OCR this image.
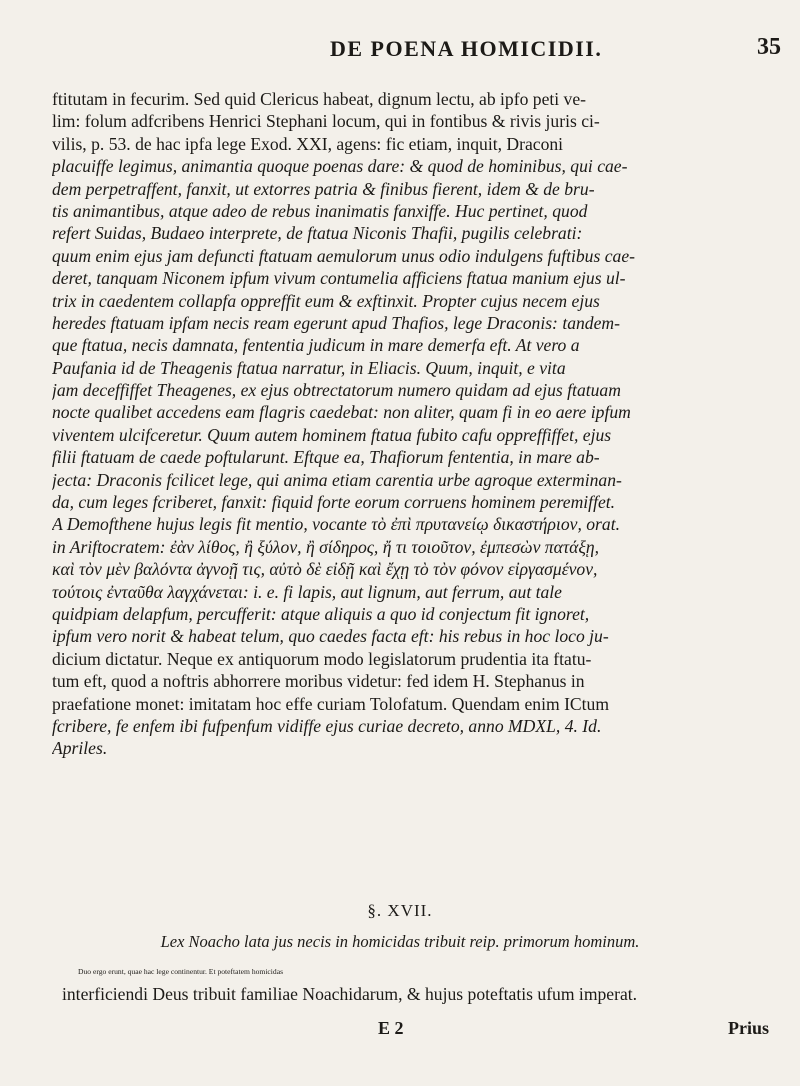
DE POENA HOMICIDII.	35
ftitutam in fecurim. Sed quid Clericus habeat, dignum lectu, ab ipfo peti ve-
lim: folum adfcribens Henrici Stephani locum, qui in fontibus & rivis juris ci-
vilis, p. 53. de hac ipfa lege Exod. XXI, agens: fic etiam, inquit, Draconi
placuiffe legimus, animantia quoque poenas dare: & quod de hominibus, qui cae-
dem perpetraffent, fanxit, ut extorres patria & finibus fierent, idem & de bru-
tis animantibus, atque adeo de rebus inanimatis fanxiffe. Huc pertinet, quod
refert Suidas, Budaeo interprete, de ftatua Niconis Thafii, pugilis celebrati:
quum enim ejus jam defuncti ftatuam aemulorum unus odio indulgens fuftibus cae-
deret, tanquam Niconem ipfum vivum contumelia afficiens ftatua manium ejus ul-
trix in caedentem collapfa oppreffit eum & exftinxit. Propter cujus necem ejus
heredes ftatuam ipfam necis ream egerunt apud Thafios, lege Draconis: tandem-
que ftatua, necis damnata, fententia judicum in mare demerfa eft. At vero a
Paufania id de Theagenis ftatua narratur, in Eliacis. Quum, inquit, e vita
jam deceffiffet Theagenes, ex ejus obtrectatorum numero quidam ad ejus ftatuam
nocte qualibet accedens eam flagris caedebat: non aliter, quam fi in eo aere ipfum
viventem ulcifceretur. Quum autem hominem ftatua fubito cafu oppreffiffet, ejus
filii ftatuam de caede poftularunt. Eftque ea, Thafiorum fententia, in mare ab-
jecta: Draconis fcilicet lege, qui anima etiam carentia urbe agroque exterminan-
da, cum leges fcriberet, fanxit: fiquid forte eorum corruens hominem peremiffet.
A Demofthene hujus legis fit mentio, vocante τὸ ἐπὶ πρυτανείῳ δικαστήριον, orat.
in Ariftocratem: ἐὰν λίθος, ἢ ξύλον, ἢ σίδηρος, ἤ τι τοιοῦτον, ἐμπεσὼν πατάξῃ,
καὶ τὸν μὲν βαλόντα ἀγνοῇ τις, αὐτὸ δὲ εἰδῇ καὶ ἔχῃ τὸ τὸν φόνον εἰργασμένον,
τούτοις ἐνταῦθα λαγχάνεται: i. e. fi lapis, aut lignum, aut ferrum, aut tale
quidpiam delapfum, percufferit: atque aliquis a quo id conjectum fit ignoret,
ipfum vero norit & habeat telum, quo caedes facta eft: his rebus in hoc loco ju-
dicium dictatur. Neque ex antiquorum modo legislatorum prudentia ita ftatu-
tum eft, quod a noftris abhorrere moribus videtur: fed idem H. Stephanus in
praefatione monet: imitatam hoc effe curiam Tolofatum. Quendam enim ICtum
fcribere, fe enfem ibi fufpenfum vidiffe ejus curiae decreto, anno MDXL, 4. Id.
Apriles.
§. XVII.
Lex Noacho lata jus necis in homicidas tribuit reip. primorum hominum.
Duo ergo erunt, quae hac lege continentur. Et poteftatem homicidas
interficiendi Deus tribuit familiae Noachidarum, & hujus poteftatis ufum imperat.
E 2	Prius
